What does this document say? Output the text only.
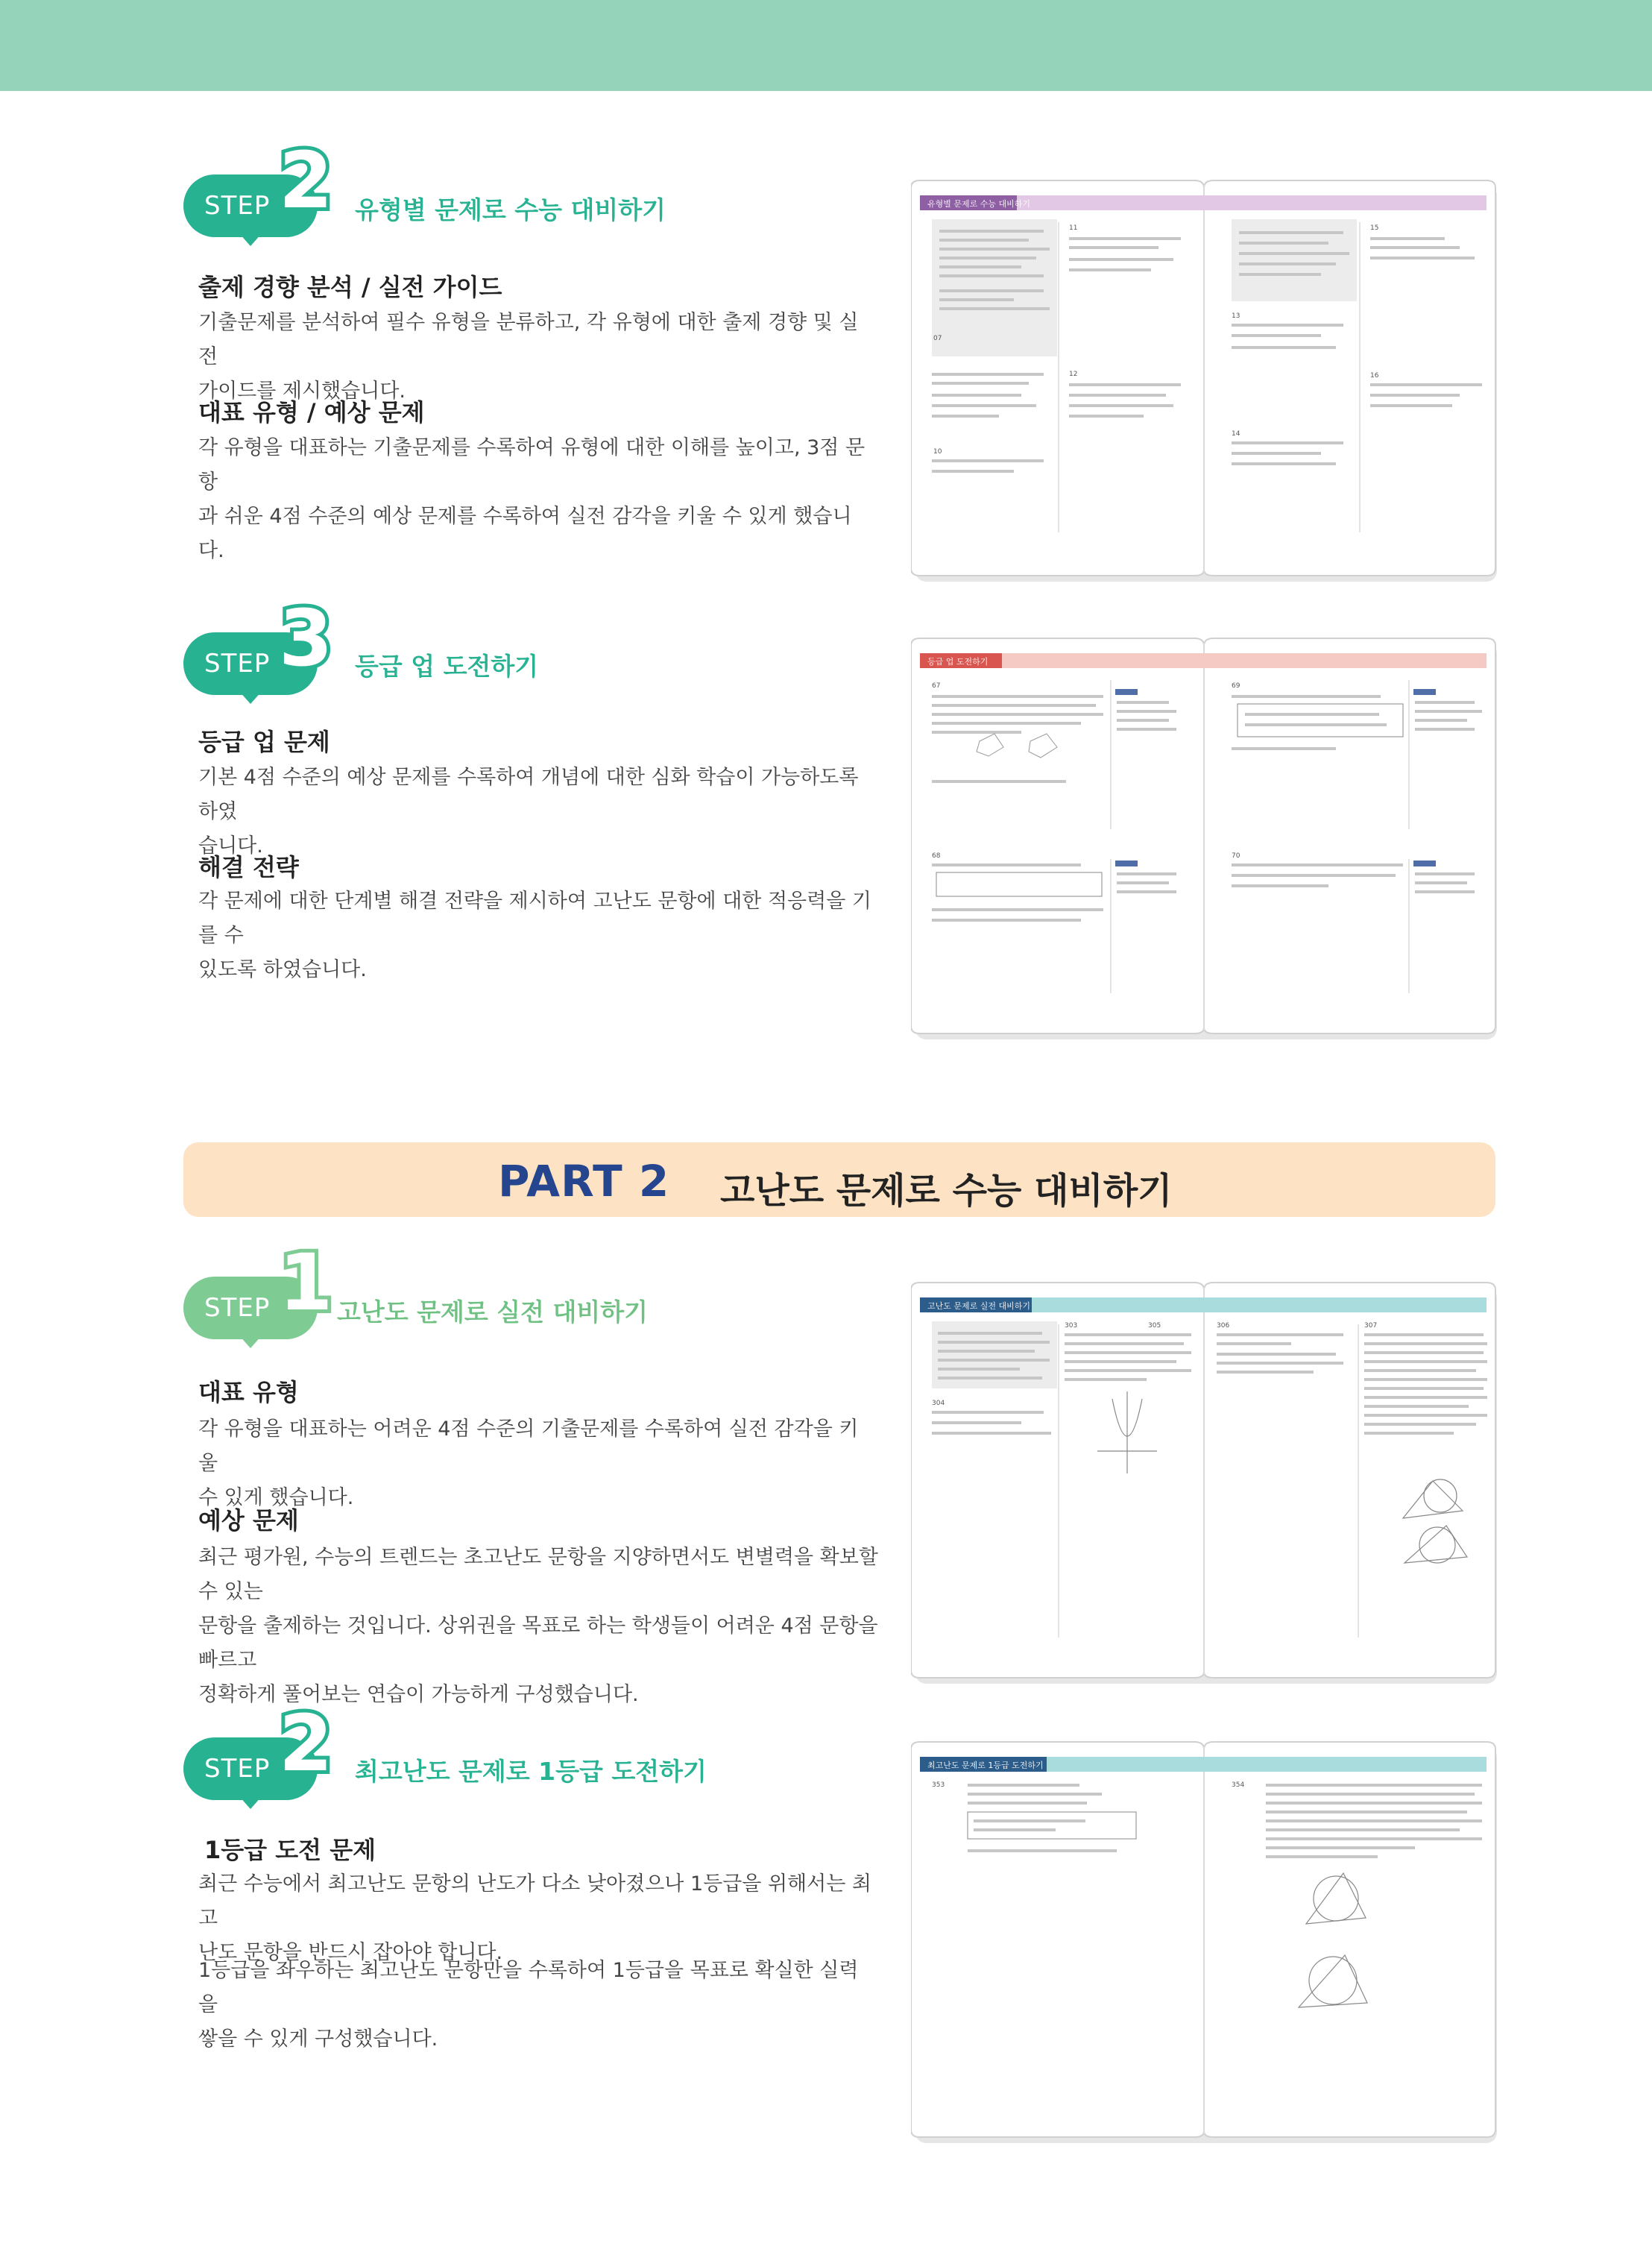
STEP 2 유형별 문제로 수능 대비하기
출제 경향 분석 / 실전 가이드
기출문제를 분석하여 필수 유형을 분류하고, 각 유형에 대한 출제 경향 및 실전
가이드를 제시했습니다.
대표 유형 / 예상 문제
각 유형을 대표하는 기출문제를 수록하여 유형에 대한 이해를 높이고, 3점 문항
과 쉬운 4점 수준의 예상 문제를 수록하여 실전 감각을 키울 수 있게 했습니다.
STEP 3 등급 업 도전하기
등급 업 문제
기본 4점 수준의 예상 문제를 수록하여 개념에 대한 심화 학습이 가능하도록 하였
습니다.
해결 전략
각 문제에 대한 단계별 해결 전략을 제시하여 고난도 문항에 대한 적응력을 기를 수
있도록 하였습니다.
PART 2 고난도 문제로 수능 대비하기
STEP 1 고난도 문제로 실전 대비하기
대표 유형
각 유형을 대표하는 어려운 4점 수준의 기출문제를 수록하여 실전 감각을 키울
수 있게 했습니다.
예상 문제
최근 평가원, 수능의 트렌드는 초고난도 문항을 지양하면서도 변별력을 확보할 수 있는
문항을 출제하는 것입니다. 상위권을 목표로 하는 학생들이 어려운 4점 문항을 빠르고
정확하게 풀어보는 연습이 가능하게 구성했습니다.
STEP 2 최고난도 문제로 1등급 도전하기
1등급 도전 문제
최근 수능에서 최고난도 문항의 난도가 다소 낮아졌으나 1등급을 위해서는 최고
난도 문항을 반드시 잡아야 합니다.
1등급을 좌우하는 최고난도 문항만을 수록하여 1등급을 목표로 확실한 실력을
쌓을 수 있게 구성했습니다.
유형별 문제로 수능 대비하기
07
11	15
10
12
13
14
16
등급 업 도전하기
67
68
69
70
고난도 문제로 실전 대비하기
303
304
306	307
305
최고난도 문제로 1등급 도전하기
353	354
